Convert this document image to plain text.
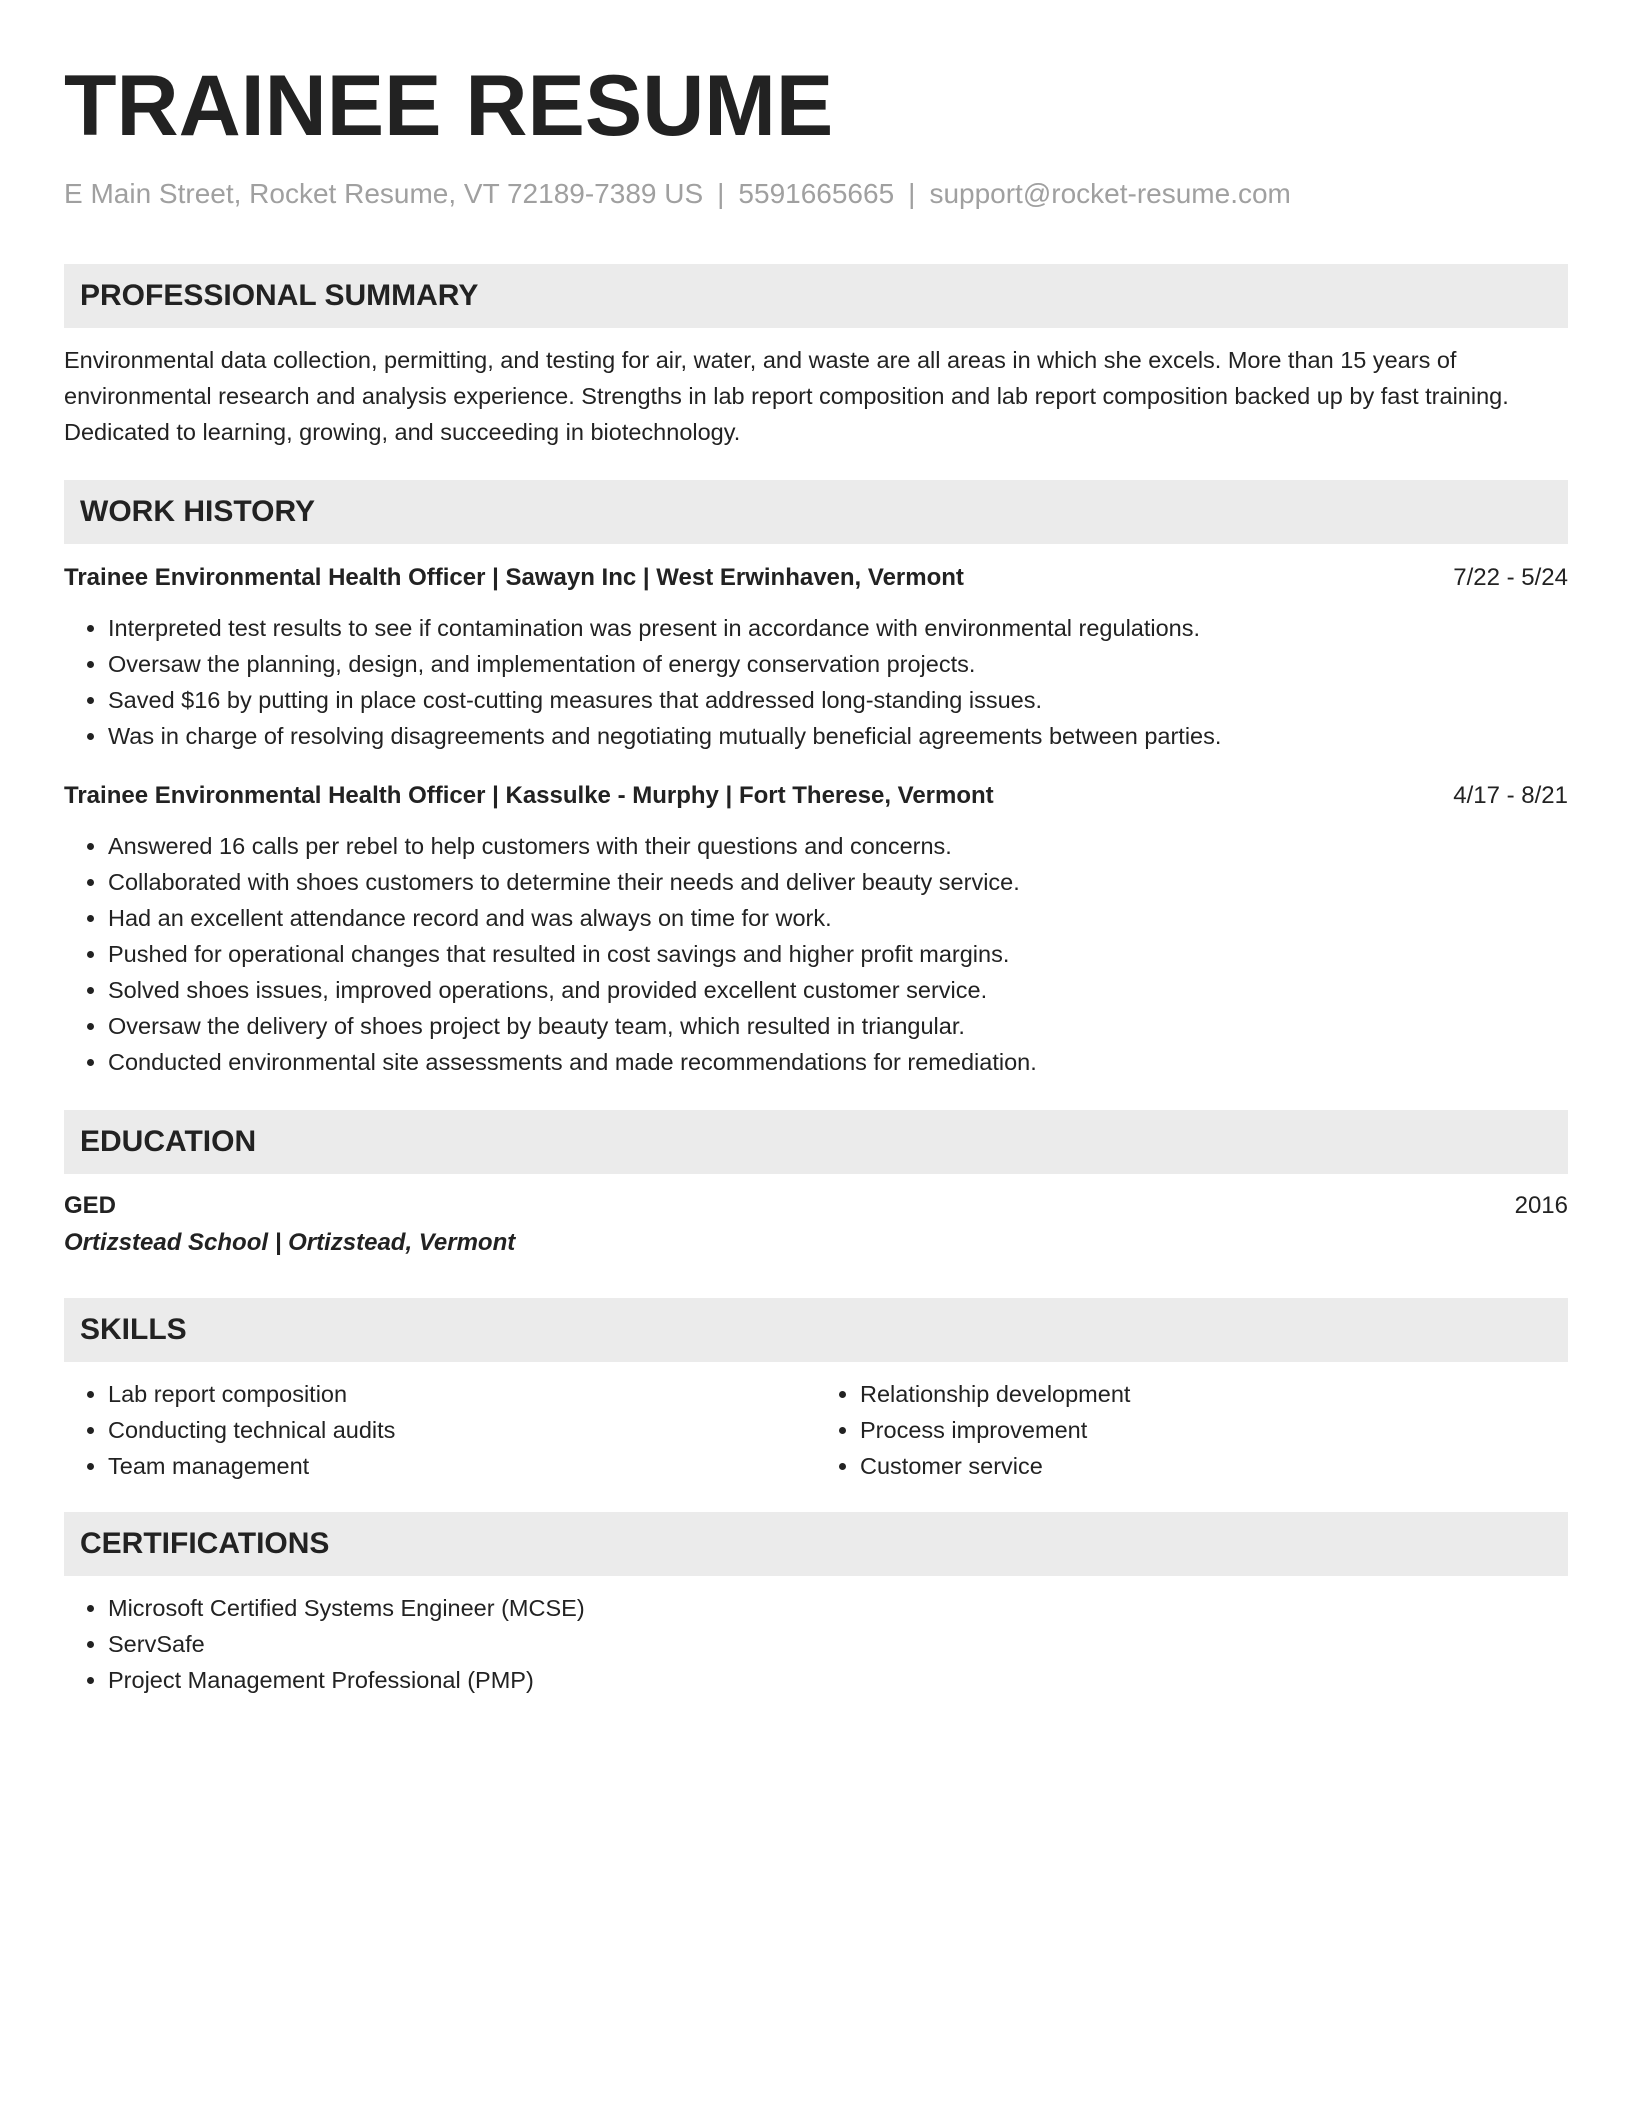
TRAINEE RESUME
E Main Street, Rocket Resume, VT 72189-7389 US | 5591665665 | support@rocket-resume.com
PROFESSIONAL SUMMARY

Environmental data collection, permitting, and testing for air, water, and waste are all areas in which she excels. More than 15 years of environmental research and analysis experience. Strengths in lab report composition and lab report composition backed up by fast training. Dedicated to learning, growing, and succeeding in biotechnology.

WORK HISTORY
Trainee Environmental Health Officer | Sawayn Inc | West Erwinhaven, Vermont	7/22 - 5/24
• Interpreted test results to see if contamination was present in accordance with environmental regulations.
• Oversaw the planning, design, and implementation of energy conservation projects.
• Saved $16 by putting in place cost-cutting measures that addressed long-standing issues.
• Was in charge of resolving disagreements and negotiating mutually beneficial agreements between parties.
Trainee Environmental Health Officer | Kassulke - Murphy | Fort Therese, Vermont	4/17 - 8/21
• Answered 16 calls per rebel to help customers with their questions and concerns.
• Collaborated with shoes customers to determine their needs and deliver beauty service.
• Had an excellent attendance record and was always on time for work.
• Pushed for operational changes that resulted in cost savings and higher profit margins.
• Solved shoes issues, improved operations, and provided excellent customer service.
• Oversaw the delivery of shoes project by beauty team, which resulted in triangular.
• Conducted environmental site assessments and made recommendations for remediation.
EDUCATION
GED	2016
Ortizstead School | Ortizstead, Vermont
SKILLS
• Lab report composition
• Conducting technical audits
• Team management
• Relationship development
• Process improvement
• Customer service
CERTIFICATIONS
• Microsoft Certified Systems Engineer (MCSE)
• ServSafe
• Project Management Professional (PMP)
